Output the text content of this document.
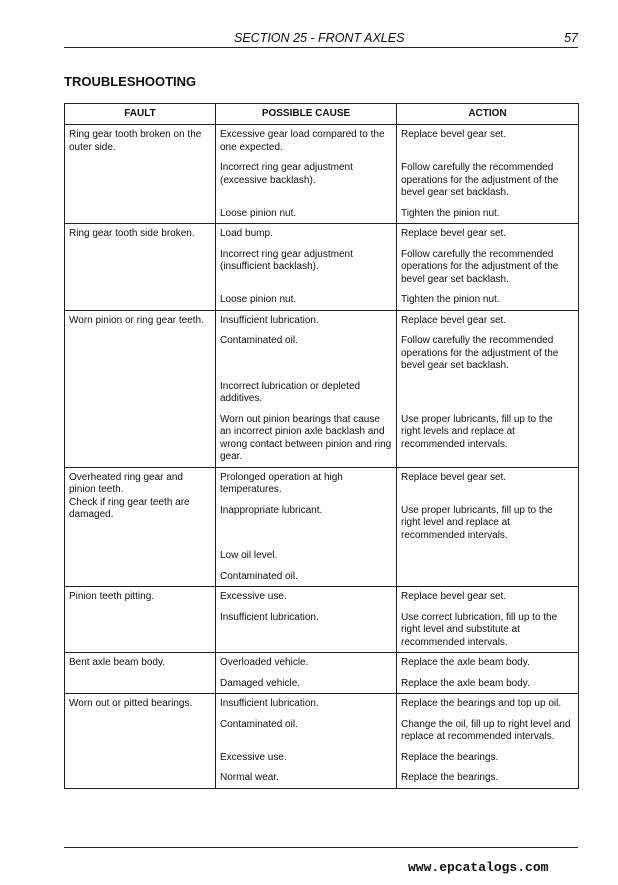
SECTION 25 - FRONT AXLES	57
TROUBLESHOOTING
FAULT	POSSIBLE CAUSE	ACTION
Ring gear tooth broken on the outer side.	Excessive gear load compared to the one expected.	Replace bevel gear set.
	Incorrect ring gear adjustment (excessive backlash).	Follow carefully the recommended operations for the adjustment of the bevel gear set backlash.
	Loose pinion nut.	Tighten the pinion nut.
Ring gear tooth side broken.	Load bump.	Replace bevel gear set.
	Incorrect ring gear adjustment (insufficient backlash).	Follow carefully the recommended operations for the adjustment of the bevel gear set backlash.
	Loose pinion nut.	Tighten the pinion nut.
Worn pinion or ring gear teeth.	Insufficient lubrication.	Replace bevel gear set.
	Contaminated oil.	Follow carefully the recommended operations for the adjustment of the bevel gear set backlash.
	Incorrect lubrication or depleted additives.	
	Worn out pinion bearings that cause an incorrect pinion axle backlash and wrong contact between pinion and ring gear.	Use proper lubricants, fill up to the right levels and replace at recommended intervals.
Overheated ring gear and pinion teeth.
Check if ring gear teeth are damaged.	Prolonged operation at high temperatures.	Replace bevel gear set.
	Inappropriate lubricant.	Use proper lubricants, fill up to the right level and replace at recommended intervals.
	Low oil level.	
	Contaminated oil.	
Pinion teeth pitting.	Excessive use.	Replace bevel gear set.
	Insufficient lubrication.	Use correct lubrication, fill up to the right level and substitute at recommended intervals.
Bent axle beam body.	Overloaded vehicle.	Replace the axle beam body.
	Damaged vehicle.	Replace the axle beam body.
Worn out or pitted bearings.	Insufficient lubrication.	Replace the bearings and top up oil.
	Contaminated oil.	Change the oil, fill up to right level and replace at recommended intervals.
	Excessive use.	Replace the bearings.
	Normal wear.	Replace the bearings.
www.epcatalogs.com
